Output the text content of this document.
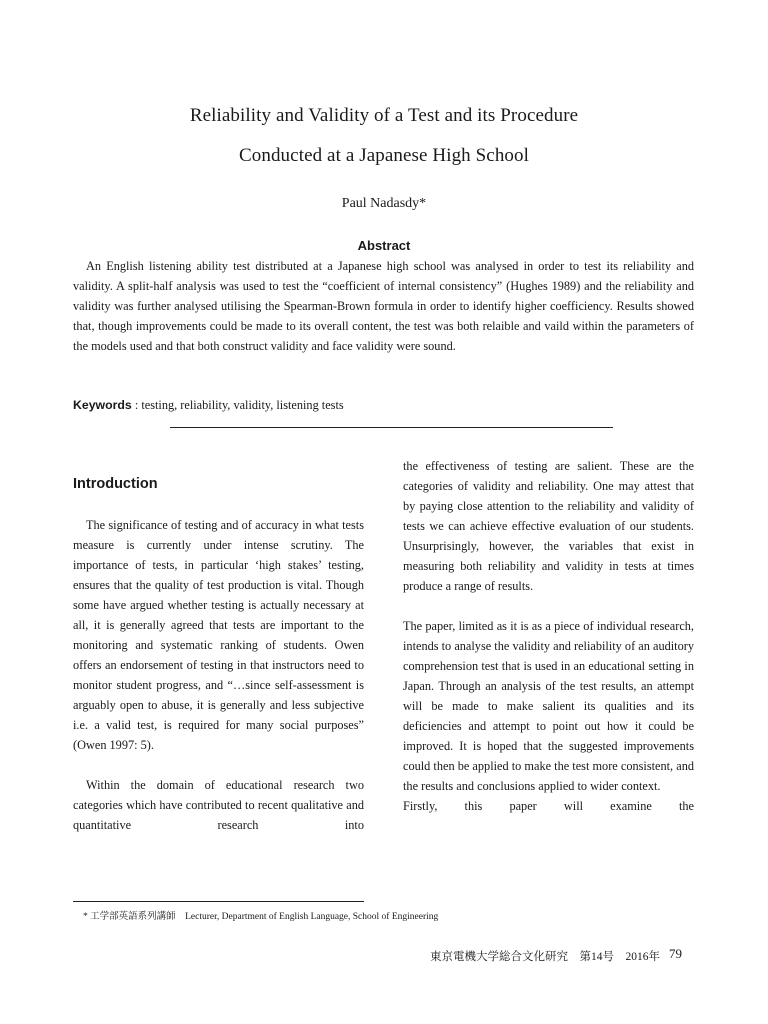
Reliability and Validity of a Test and its Procedure
Conducted at a Japanese High School
Paul Nadasdy*
Abstract
An English listening ability test distributed at a Japanese high school was analysed in order to test its reliability and validity. A split-half analysis was used to test the “coefficient of internal consistency” (Hughes 1989) and the reliability and validity was further analysed utilising the Spearman-Brown formula in order to identify higher coefficiency. Results showed that, though improvements could be made to its overall content, the test was both relaible and vaild within the parameters of the models used and that both construct validity and face validity were sound.
Keywords : testing, reliability, validity, listening tests
Introduction

The significance of testing and of accuracy in what tests measure is currently under intense scrutiny. The importance of tests, in particular ‘high stakes’ testing, ensures that the quality of test production is vital. Though some have argued whether testing is actually necessary at all, it is generally agreed that tests are important to the monitoring and systematic ranking of students. Owen offers an endorsement of testing in that instructors need to monitor student progress, and “…since self-assessment is arguably open to abuse, it is generally and less subjective i.e. a valid test, is required for many social purposes” (Owen 1997: 5).

Within the domain of educational research two categories which have contributed to recent qualitative and quantitative research into

the effectiveness of testing are salient. These are the categories of validity and reliability. One may attest that by paying close attention to the reliability and validity of tests we can achieve effective evaluation of our students. Unsurprisingly, however, the variables that exist in measuring both reliability and validity in tests at times produce a range of results.

The paper, limited as it is as a piece of individual research, intends to analyse the validity and reliability of an auditory comprehension test that is used in an educational setting in Japan. Through an analysis of the test results, an attempt will be made to make salient its qualities and its deficiencies and attempt to point out how it could be improved. It is hoped that the suggested improvements could then be applied to make the test more consistent, and the results and conclusions applied to wider context.

Firstly, this paper will examine the

* 工学部英語系列講師　Lecturer, Department of English Language, School of Engineering
東京電機大学総合文化研究　第14号　2016年 79
